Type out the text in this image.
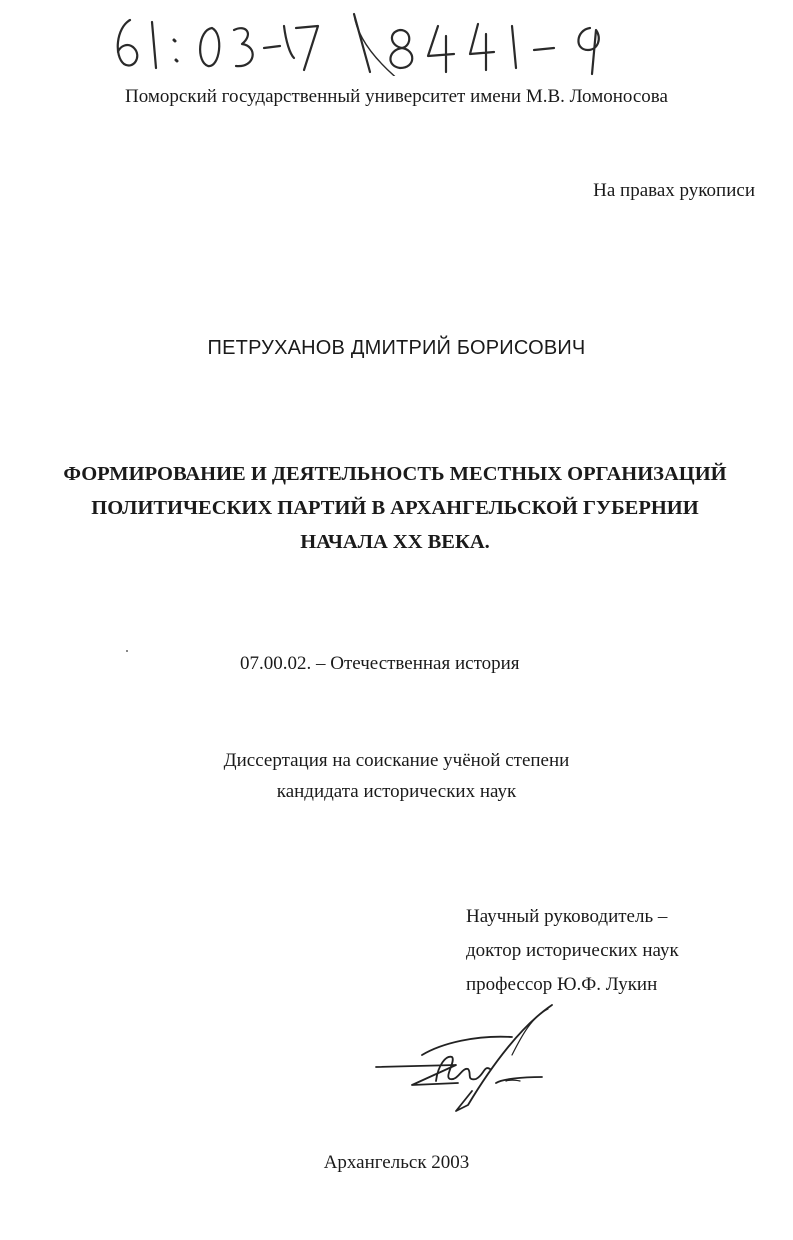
Поморский государственный университет имени М.В. Ломоносова
На правах рукописи
ПЕТРУХАНОВ ДМИТРИЙ БОРИСОВИЧ
ФОРМИРОВАНИЕ И ДЕЯТЕЛЬНОСТЬ МЕСТНЫХ ОРГАНИЗАЦИЙ
ПОЛИТИЧЕСКИХ ПАРТИЙ В АРХАНГЕЛЬСКОЙ ГУБЕРНИИ
НАЧАЛА XX ВЕКА.
07.00.02. – Отечественная история
Диссертация на соискание учёной степени
кандидата исторических наук
Научный руководитель –
доктор исторических наук
профессор Ю.Ф. Лукин
Архангельск 2003
